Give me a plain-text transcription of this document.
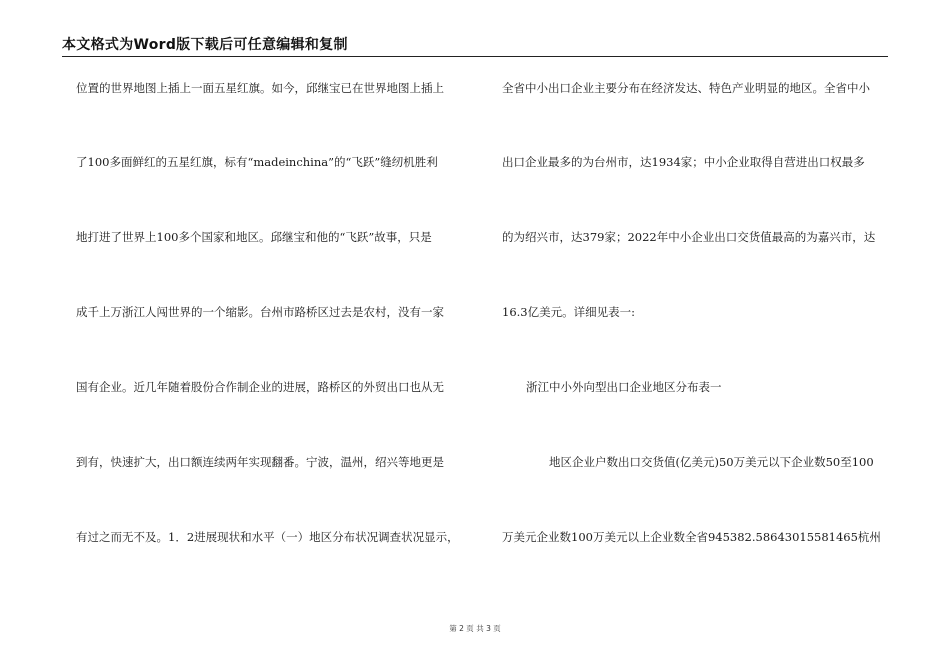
本文格式为Word版下载后可任意编辑和复制
位置的世界地图上插上一面五星红旗。如今，邱继宝已在世界地图上插上
了100多面鲜红的五星红旗，标有“madeinchina”的“飞跃”缝纫机胜利
地打进了世界上100多个国家和地区。邱继宝和他的“飞跃”故事，只是
成千上万浙江人闯世界的一个缩影。台州市路桥区过去是农村，没有一家
国有企业。近几年随着股份合作制企业的进展，路桥区的外贸出口也从无
到有，快速扩大，出口额连续两年实现翻番。宁波，温州，绍兴等地更是
有过之而无不及。1．2进展现状和水平（一）地区分布状况调查状况显示，
全省中小出口企业主要分布在经济发达、特色产业明显的地区。全省中小
出口企业最多的为台州市，达1934家；中小企业取得自营进出口权最多
的为绍兴市，达379家；2022年中小企业出口交货值最高的为嘉兴市，达
16.3亿美元。详细见表一:
浙江中小外向型出口企业地区分布表一
地区企业户数出口交货值(亿美元)50万美元以下企业数50至100
万美元企业数100万美元以上企业数全省945382.58643015581465杭州
第 2 页 共 3 页
